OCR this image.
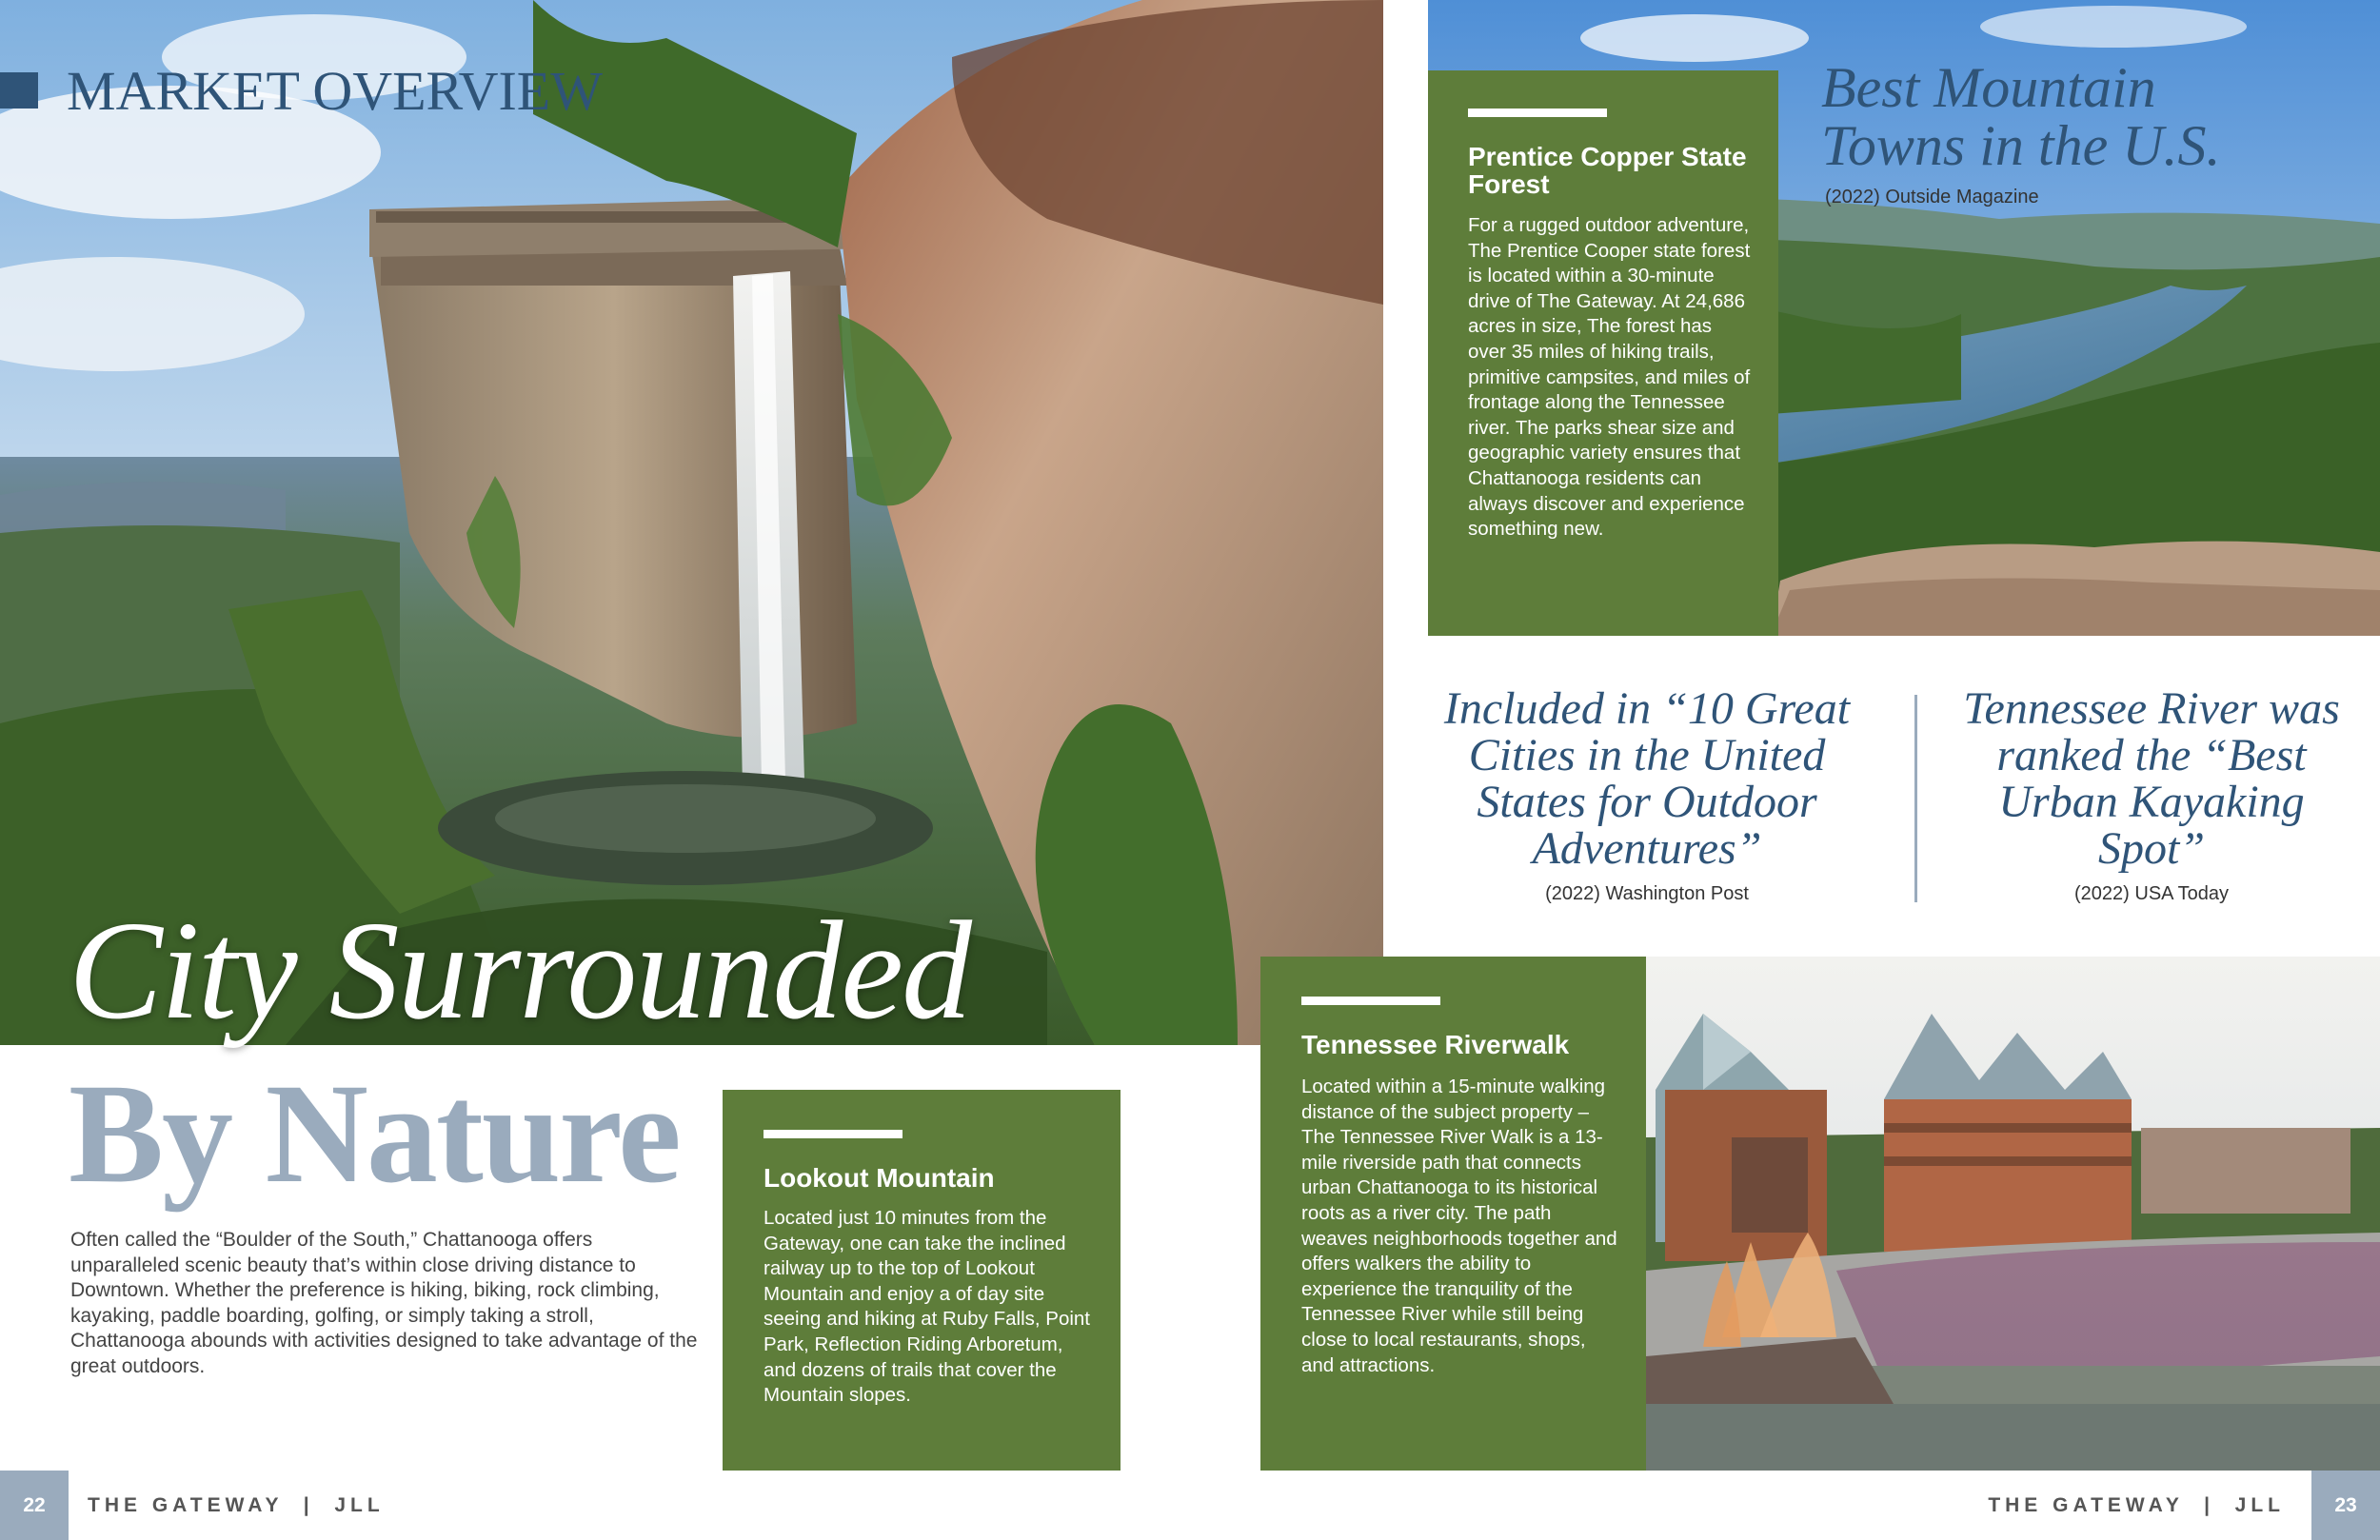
MARKET OVERVIEW
City Surrounded
By Nature
Often called the “Boulder of the South,” Chattanooga offers unparalleled scenic beauty that’s within close driving distance to Downtown. Whether the preference is hiking, biking, rock climbing, kayaking, paddle boarding, golfing, or simply taking a stroll, Chattanooga abounds with activities designed to take advantage of the great outdoors.
Lookout Mountain

Located just 10 minutes from the Gateway, one can take the inclined railway up to the top of Lookout Mountain and enjoy a of day site seeing and hiking at Ruby Falls, Point Park, Reflection Riding Arboretum, and dozens of trails that cover the Mountain slopes.

Prentice Copper State Forest

For a rugged outdoor adventure, The Prentice Cooper state forest is located within a 30-minute drive of The Gateway. At 24,686 acres in size, The forest has over 35 miles of hiking trails, primitive campsites, and miles of frontage along the Tennessee river. The parks shear size and geographic variety ensures that Chattanooga residents can always discover and experience something new.

Tennessee Riverwalk

Located within a 15-minute walking distance of the subject property – The Tennessee River Walk is a 13-mile riverside path that connects urban Chattanooga to its historical roots as a river city. The path weaves neighborhoods together and offers walkers the ability to experience the tranquility of the Tennessee River while still being close to local restaurants, shops, and attractions.

Best Mountain Towns in the U.S.
(2022) Outside Magazine
Included in “10 Great Cities in the United States for Outdoor Adventures”
(2022) Washington Post
Tennessee River was ranked the “Best Urban Kayaking Spot”
(2022) USA Today
22	THE GATEWAY  |  JLL	THE GATEWAY  |  JLL	23
